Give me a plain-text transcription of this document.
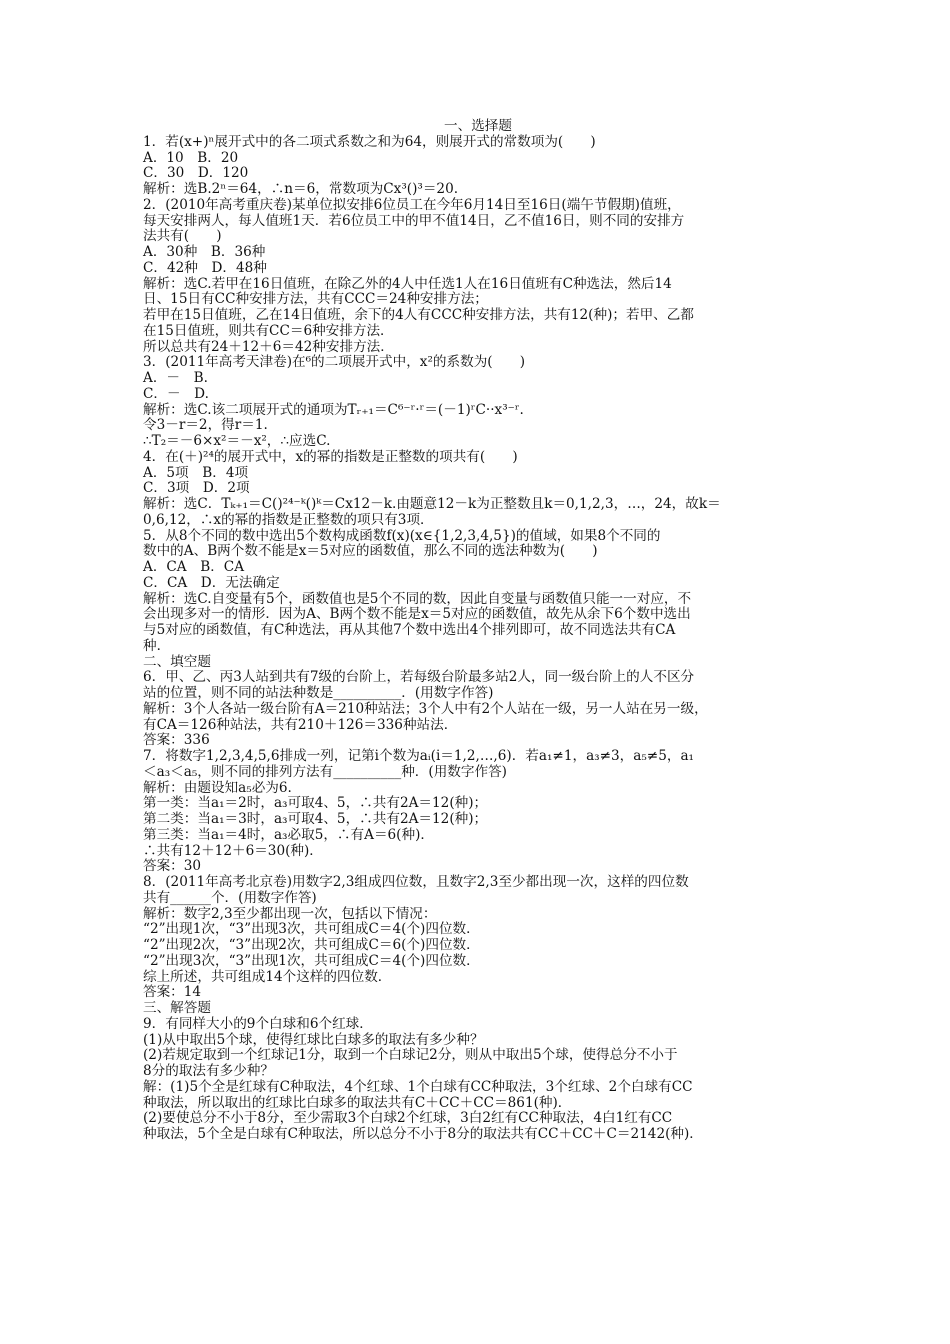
一、选择题
1．若(x+)ⁿ展开式中的各二项式系数之和为64，则展开式的常数项为(　　)
A．10　B．20
C．30　D．120
解析：选B.2ⁿ＝64，∴n＝6，常数项为Cx³()³＝20.
2．(2010年高考重庆卷)某单位拟安排6位员工在今年6月14日至16日(端午节假期)值班，
每天安排两人，每人值班1天．若6位员工中的甲不值14日，乙不值16日，则不同的安排方
法共有(　　)
A．30种　B．36种
C．42种　D．48种
解析：选C.若甲在16日值班，在除乙外的4人中任选1人在16日值班有C种选法，然后14
日、15日有CC种安排方法，共有CCC＝24种安排方法；
若甲在15日值班，乙在14日值班，余下的4人有CCC种安排方法，共有12(种)；若甲、乙都
在15日值班，则共有CC＝6种安排方法．
所以总共有24＋12＋6＝42种安排方法．
3．(2011年高考天津卷)在⁶的二项展开式中，x²的系数为(　　)
A．－　B.
C．－　D.
解析：选C.该二项展开式的通项为Tᵣ₊₁＝C⁶⁻ʳ·ʳ＝(－1)ʳC··x³⁻ʳ.
令3－r＝2，得r＝1.
∴T₂＝－6×x²＝－x²，∴应选C.
4．在(＋)²⁴的展开式中，x的幂的指数是正整数的项共有(　　)
A．5项　B．4项
C．3项　D．2项
解析：选C．Tₖ₊₁＝C()²⁴⁻ᵏ()ᵏ＝Cx12－k.由题意12－k为正整数且k＝0,1,2,3，…，24，故k＝
0,6,12，∴x的幂的指数是正整数的项只有3项．
5．从8个不同的数中选出5个数构成函数f(x)(x∈{1,2,3,4,5})的值域，如果8个不同的
数中的A、B两个数不能是x＝5对应的函数值，那么不同的选法种数为(　　)
A．CA　B．CA
C．CA　D．无法确定
解析：选C.自变量有5个，函数值也是5个不同的数，因此自变量与函数值只能一一对应，不
会出现多对一的情形．因为A、B两个数不能是x＝5对应的函数值，故先从余下6个数中选出
与5对应的函数值，有C种选法，再从其他7个数中选出4个排列即可，故不同选法共有CA
种．
二、填空题
6．甲、乙、丙3人站到共有7级的台阶上，若每级台阶最多站2人，同一级台阶上的人不区分
站的位置，则不同的站法种数是__________．(用数字作答)
解析：3个人各站一级台阶有A＝210种站法；3个人中有2个人站在一级，另一人站在另一级，
有CA＝126种站法，共有210＋126＝336种站法．
答案：336
7．将数字1,2,3,4,5,6排成一列，记第i个数为aᵢ(i＝1,2,…,6)．若a₁≠1，a₃≠3，a₅≠5，a₁
＜a₃＜a₅，则不同的排列方法有__________种．(用数字作答)
解析：由题设知a₅必为6.
第一类：当a₁＝2时，a₃可取4、5，∴共有2A＝12(种)；
第二类：当a₁＝3时，a₃可取4、5，∴共有2A＝12(种)；
第三类：当a₁＝4时，a₃必取5，∴有A＝6(种)．
∴共有12＋12＋6＝30(种)．
答案：30
8．(2011年高考北京卷)用数字2,3组成四位数，且数字2,3至少都出现一次，这样的四位数
共有______个．(用数字作答)
解析：数字2,3至少都出现一次，包括以下情况：
“2”出现1次，“3”出现3次，共可组成C＝4(个)四位数．
“2”出现2次，“3”出现2次，共可组成C＝6(个)四位数．
“2”出现3次，“3”出现1次，共可组成C＝4(个)四位数．
综上所述，共可组成14个这样的四位数．
答案：14
三、解答题
9．有同样大小的9个白球和6个红球．
(1)从中取出5个球，使得红球比白球多的取法有多少种？
(2)若规定取到一个红球记1分，取到一个白球记2分，则从中取出5个球，使得总分不小于
8分的取法有多少种？
解：(1)5个全是红球有C种取法，4个红球、1个白球有CC种取法，3个红球、2个白球有CC
种取法，所以取出的红球比白球多的取法共有C＋CC＋CC＝861(种)．
(2)要使总分不小于8分，至少需取3个白球2个红球，3白2红有CC种取法，4白1红有CC
种取法，5个全是白球有C种取法，所以总分不小于8分的取法共有CC＋CC＋C＝2142(种)．
